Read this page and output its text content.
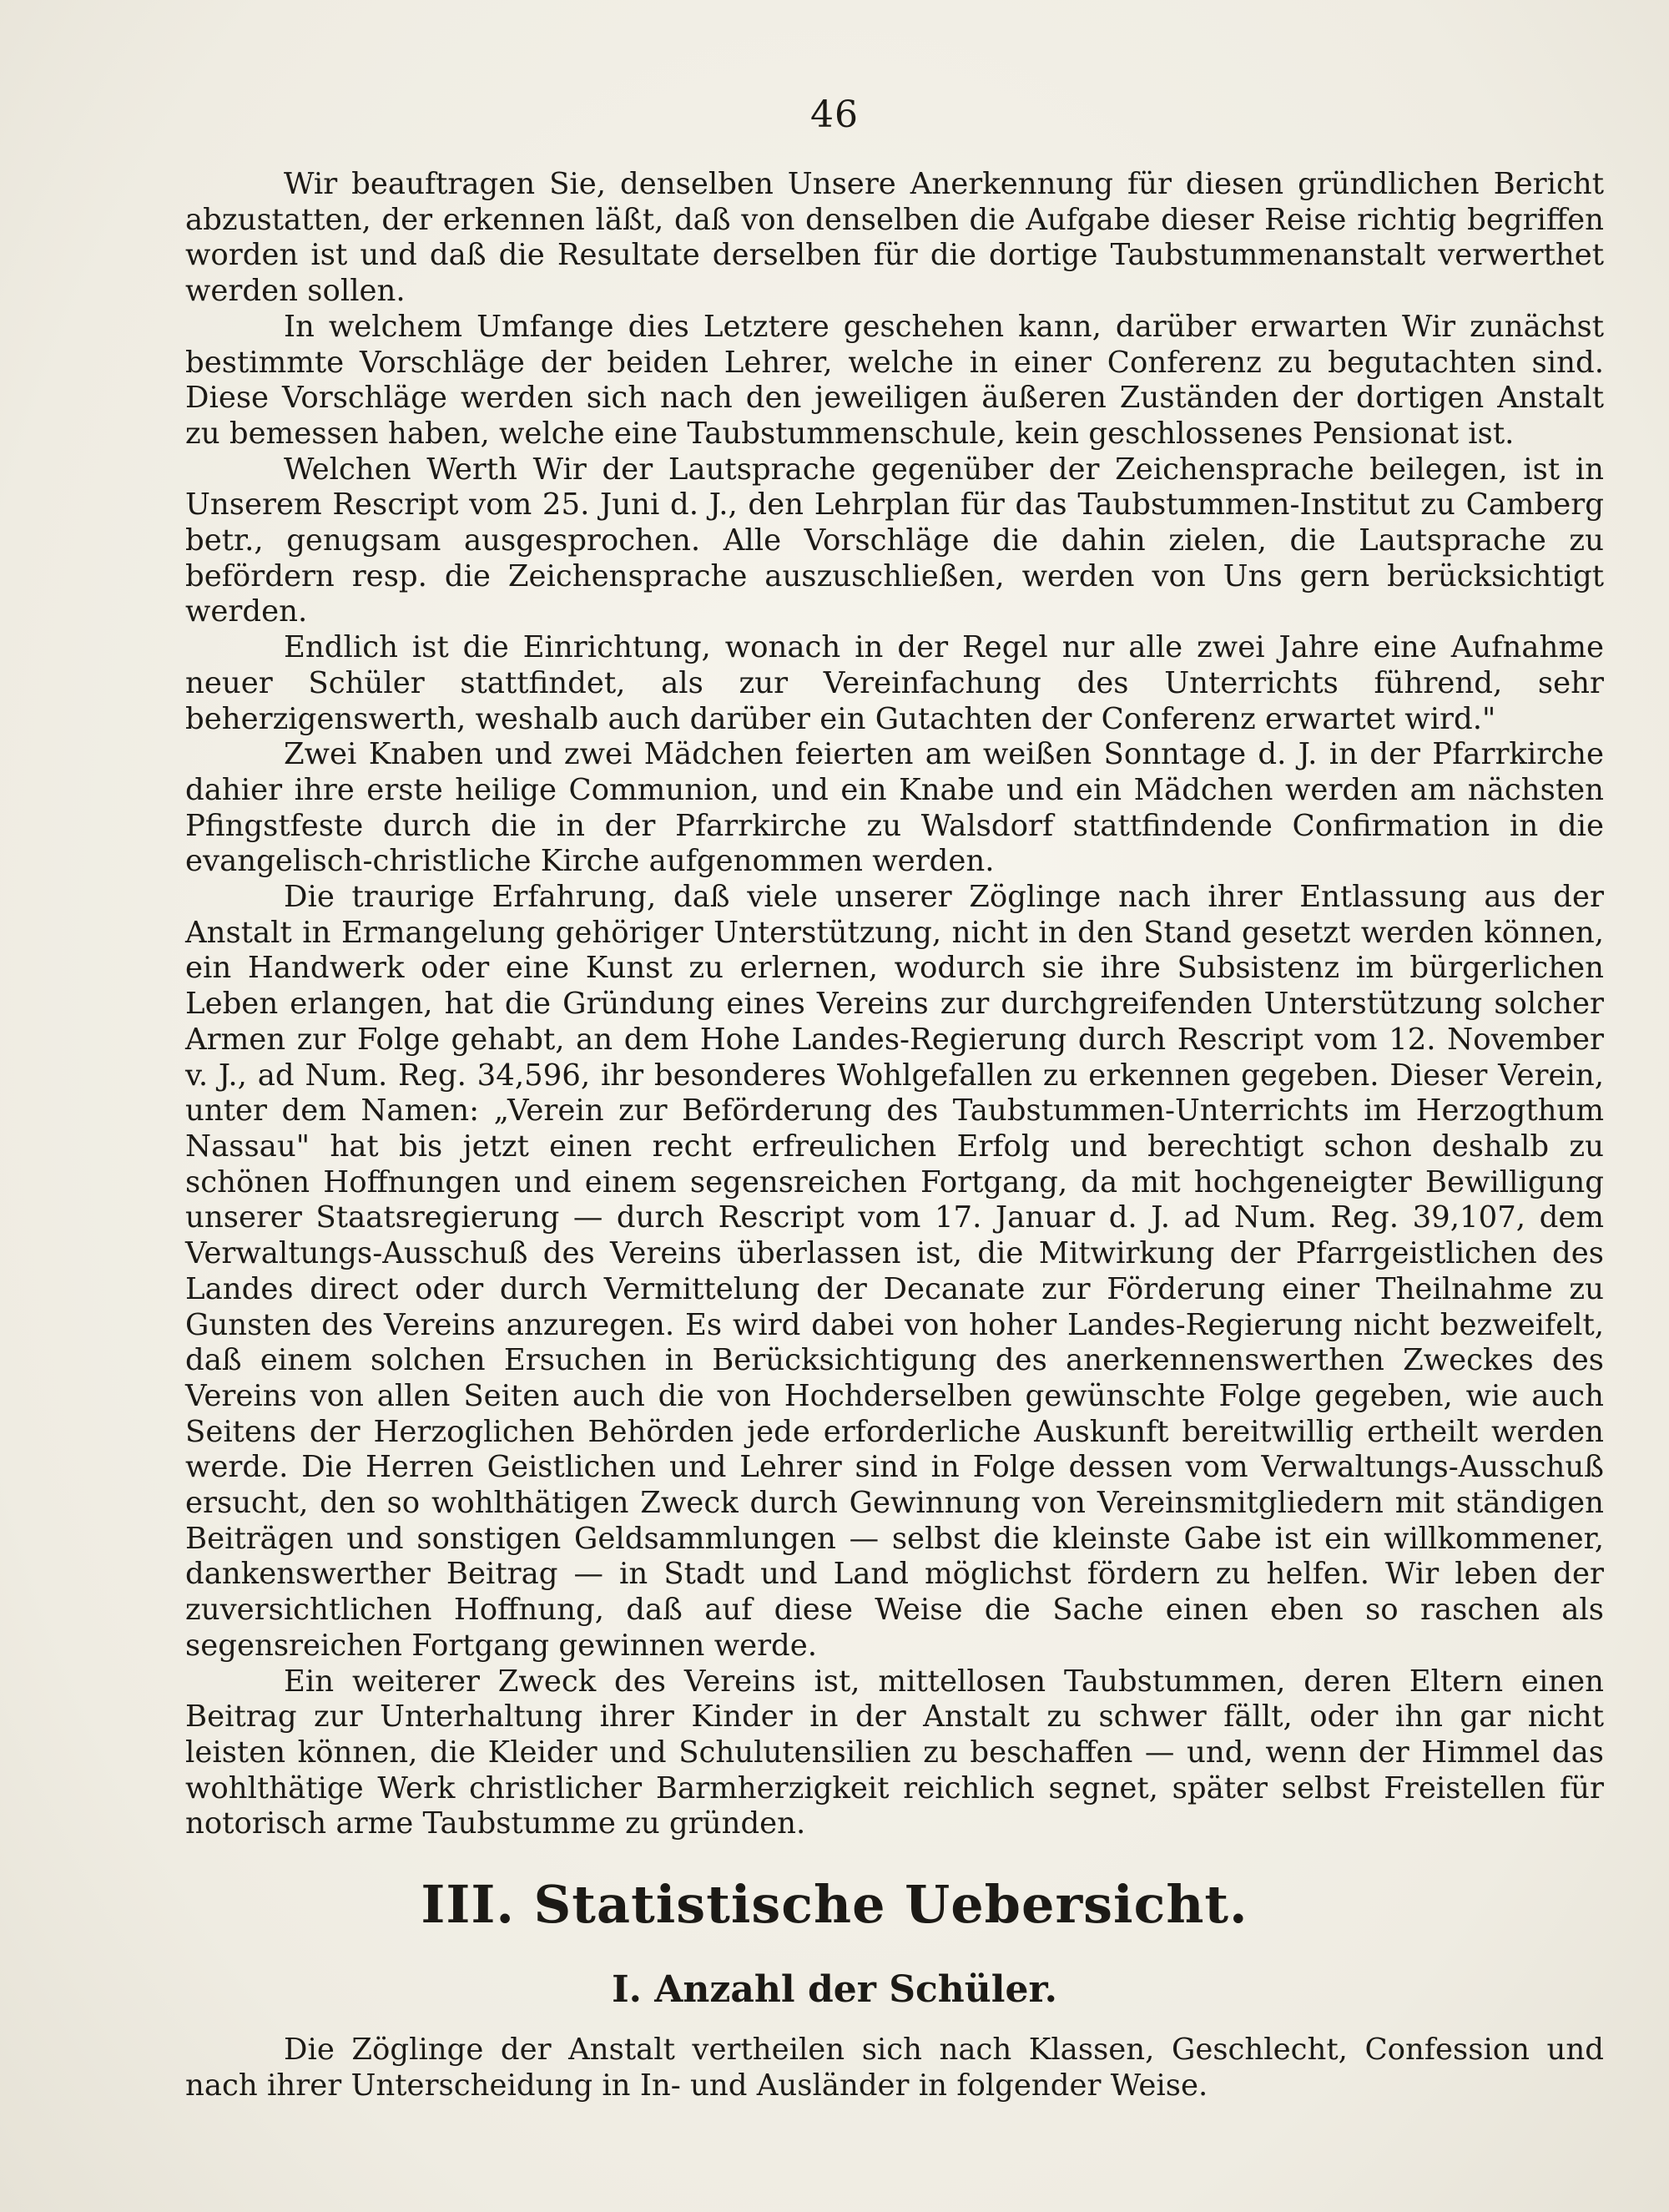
46

Wir beauftragen Sie, denselben Unsere Anerkennung für diesen gründlichen Bericht abzustatten, der erkennen läßt, daß von denselben die Aufgabe dieser Reise richtig begriffen worden ist und daß die Resultate derselben für die dortige Taubstummenanstalt verwerthet werden sollen.

In welchem Umfange dies Letztere geschehen kann, darüber erwarten Wir zunächst bestimmte Vorschläge der beiden Lehrer, welche in einer Conferenz zu begutachten sind. Diese Vorschläge werden sich nach den jeweiligen äußeren Zuständen der dortigen Anstalt zu bemessen haben, welche eine Taubstummenschule, kein geschlossenes Pensionat ist.

Welchen Werth Wir der Lautsprache gegenüber der Zeichensprache beilegen, ist in Unserem Rescript vom 25. Juni d. J., den Lehrplan für das Taubstummen-Institut zu Camberg betr., genugsam ausgesprochen. Alle Vorschläge die dahin zielen, die Lautsprache zu befördern resp. die Zeichensprache auszuschließen, werden von Uns gern berücksichtigt werden.

Endlich ist die Einrichtung, wonach in der Regel nur alle zwei Jahre eine Aufnahme neuer Schüler stattfindet, als zur Vereinfachung des Unterrichts führend, sehr beherzigenswerth, weshalb auch darüber ein Gutachten der Conferenz erwartet wird."

Zwei Knaben und zwei Mädchen feierten am weißen Sonntage d. J. in der Pfarrkirche dahier ihre erste heilige Communion, und ein Knabe und ein Mädchen werden am nächsten Pfingstfeste durch die in der Pfarrkirche zu Walsdorf stattfindende Confirmation in die evangelisch-christliche Kirche aufgenommen werden.

Die traurige Erfahrung, daß viele unserer Zöglinge nach ihrer Entlassung aus der Anstalt in Ermangelung gehöriger Unterstützung, nicht in den Stand gesetzt werden können, ein Handwerk oder eine Kunst zu erlernen, wodurch sie ihre Subsistenz im bürgerlichen Leben erlangen, hat die Gründung eines Vereins zur durchgreifenden Unterstützung solcher Armen zur Folge gehabt, an dem Hohe Landes-Regierung durch Rescript vom 12. November v. J., ad Num. Reg. 34,596, ihr besonderes Wohlgefallen zu erkennen gegeben. Dieser Verein, unter dem Namen: „Verein zur Beförderung des Taubstummen-Unterrichts im Herzogthum Nassau" hat bis jetzt einen recht erfreulichen Erfolg und berechtigt schon deshalb zu schönen Hoffnungen und einem segensreichen Fortgang, da mit hochgeneigter Bewilligung unserer Staatsregierung — durch Rescript vom 17. Januar d. J. ad Num. Reg. 39,107, dem Verwaltungs-Ausschuß des Vereins überlassen ist, die Mitwirkung der Pfarrgeistlichen des Landes direct oder durch Vermittelung der Decanate zur Förderung einer Theilnahme zu Gunsten des Vereins anzuregen. Es wird dabei von hoher Landes-Regierung nicht bezweifelt, daß einem solchen Ersuchen in Berücksichtigung des anerkennenswerthen Zweckes des Vereins von allen Seiten auch die von Hochderselben gewünschte Folge gegeben, wie auch Seitens der Herzoglichen Behörden jede erforderliche Auskunft bereitwillig ertheilt werden werde. Die Herren Geistlichen und Lehrer sind in Folge dessen vom Verwaltungs-Ausschuß ersucht, den so wohlthätigen Zweck durch Gewinnung von Vereinsmitgliedern mit ständigen Beiträgen und sonstigen Geldsammlungen — selbst die kleinste Gabe ist ein willkommener, dankenswerther Beitrag — in Stadt und Land möglichst fördern zu helfen. Wir leben der zuversichtlichen Hoffnung, daß auf diese Weise die Sache einen eben so raschen als segensreichen Fortgang gewinnen werde.

Ein weiterer Zweck des Vereins ist, mittellosen Taubstummen, deren Eltern einen Beitrag zur Unterhaltung ihrer Kinder in der Anstalt zu schwer fällt, oder ihn gar nicht leisten können, die Kleider und Schulutensilien zu beschaffen — und, wenn der Himmel das wohlthätige Werk christlicher Barmherzigkeit reichlich segnet, später selbst Freistellen für notorisch arme Taubstumme zu gründen.

III. Statistische Uebersicht.
I. Anzahl der Schüler.

Die Zöglinge der Anstalt vertheilen sich nach Klassen, Geschlecht, Confession und nach ihrer Unterscheidung in In- und Ausländer in folgender Weise.
